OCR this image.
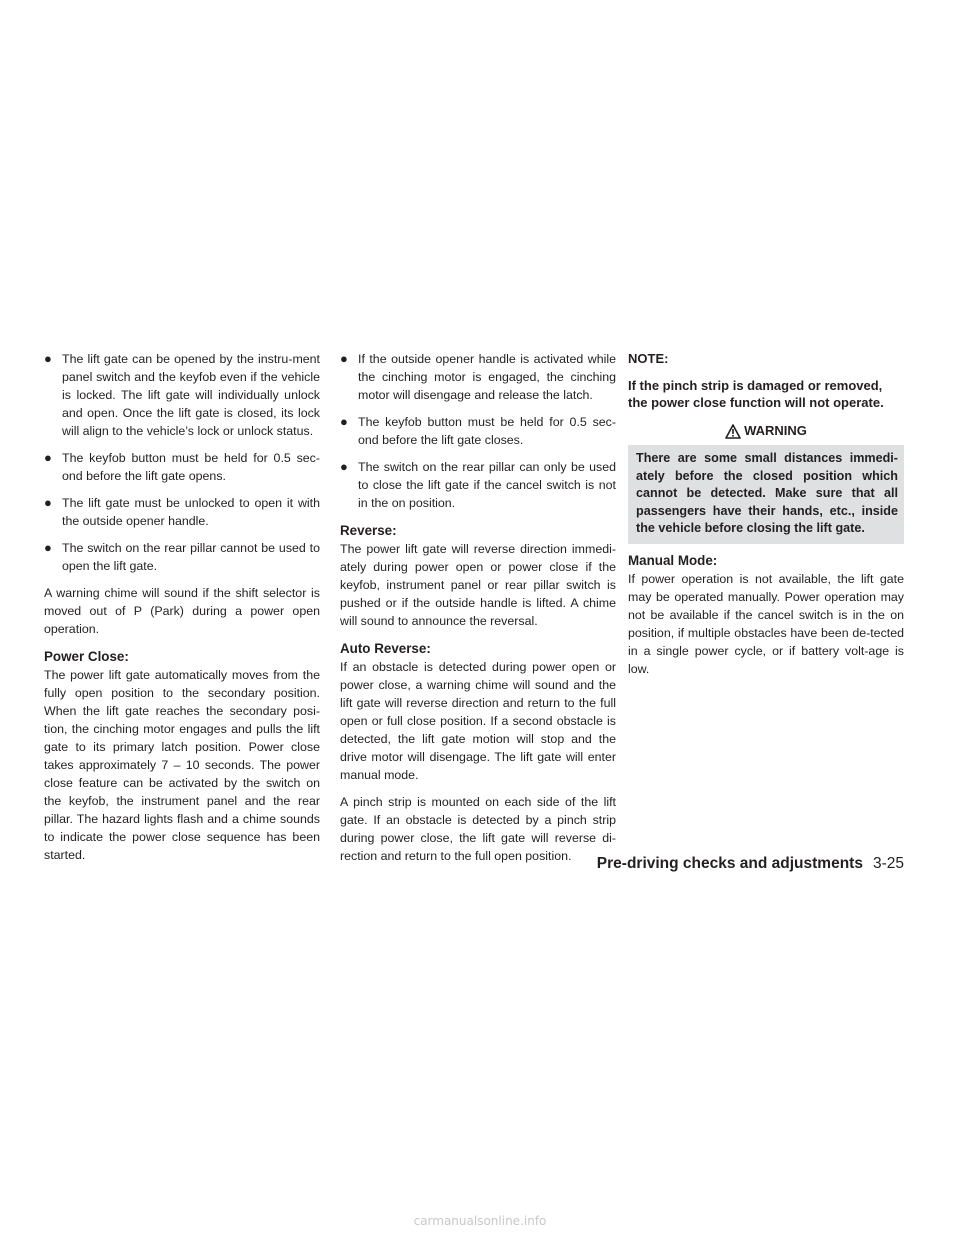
● The lift gate can be opened by the instru-ment panel switch and the keyfob even if the vehicle is locked. The lift gate will individually unlock and open. Once the lift gate is closed, its lock will align to the vehicle’s lock or unlock status.
● The keyfob button must be held for 0.5 sec-ond before the lift gate opens.
● The lift gate must be unlocked to open it with the outside opener handle.
● The switch on the rear pillar cannot be used to open the lift gate.

A warning chime will sound if the shift selector is moved out of P (Park) during a power open operation.

Power Close:

The power lift gate automatically moves from the fully open position to the secondary position. When the lift gate reaches the secondary posi-tion, the cinching motor engages and pulls the lift gate to its primary latch position. Power close takes approximately 7 – 10 seconds. The power close feature can be activated by the switch on the keyfob, the instrument panel and the rear pillar. The hazard lights flash and a chime sounds to indicate the power close sequence has been started.

● If the outside opener handle is activated while the cinching motor is engaged, the cinching motor will disengage and release the latch.
● The keyfob button must be held for 0.5 sec-ond before the lift gate closes.
● The switch on the rear pillar can only be used to close the lift gate if the cancel switch is not in the on position.
Reverse:

The power lift gate will reverse direction immedi-ately during power open or power close if the keyfob, instrument panel or rear pillar switch is pushed or if the outside handle is lifted. A chime will sound to announce the reversal.

Auto Reverse:

If an obstacle is detected during power open or power close, a warning chime will sound and the lift gate will reverse direction and return to the full open or full close position. If a second obstacle is detected, the lift gate motion will stop and the drive motor will disengage. The lift gate will enter manual mode.

A pinch strip is mounted on each side of the lift gate. If an obstacle is detected by a pinch strip during power close, the lift gate will reverse di-rection and return to the full open position.

NOTE:
If the pinch strip is damaged or removed, the power close function will not operate.
WARNING
There are some small distances immedi-ately before the closed position which cannot be detected. Make sure that all passengers have their hands, etc., inside the vehicle before closing the lift gate.
Manual Mode:

If power operation is not available, the lift gate may be operated manually. Power operation may not be available if the cancel switch is in the on position, if multiple obstacles have been de-tected in a single power cycle, or if battery volt-age is low.

Pre-driving checks and adjustments 3-25
carmanualsonline.info
